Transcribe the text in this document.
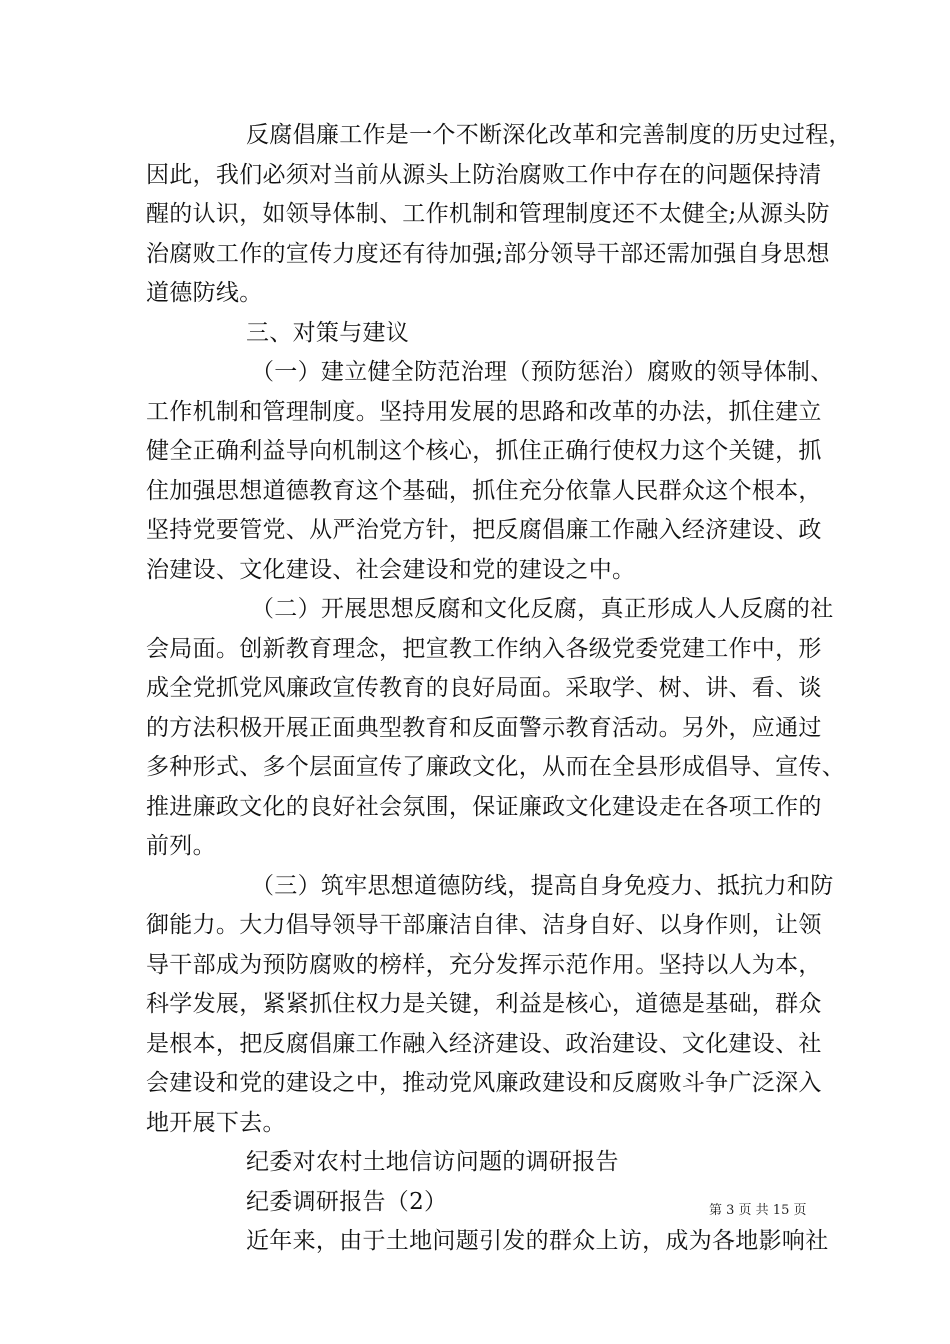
反腐倡廉工作是一个不断深化改革和完善制度的历史过程，
因此，我们必须对当前从源头上防治腐败工作中存在的问题保持清
醒的认识，如领导体制、工作机制和管理制度还不太健全;从源头防
治腐败工作的宣传力度还有待加强;部分领导干部还需加强自身思想
道德防线。
三、对策与建议
（一）建立健全防范治理（预防惩治）腐败的领导体制、
工作机制和管理制度。坚持用发展的思路和改革的办法，抓住建立
健全正确利益导向机制这个核心，抓住正确行使权力这个关键，抓
住加强思想道德教育这个基础，抓住充分依靠人民群众这个根本，
坚持党要管党、从严治党方针，把反腐倡廉工作融入经济建设、政
治建设、文化建设、社会建设和党的建设之中。
（二）开展思想反腐和文化反腐，真正形成人人反腐的社
会局面。创新教育理念，把宣教工作纳入各级党委党建工作中，形
成全党抓党风廉政宣传教育的良好局面。采取学、树、讲、看、谈
的方法积极开展正面典型教育和反面警示教育活动。另外，应通过
多种形式、多个层面宣传了廉政文化，从而在全县形成倡导、宣传、
推进廉政文化的良好社会氛围，保证廉政文化建设走在各项工作的
前列。
（三）筑牢思想道德防线，提高自身免疫力、抵抗力和防
御能力。大力倡导领导干部廉洁自律、洁身自好、以身作则，让领
导干部成为预防腐败的榜样，充分发挥示范作用。坚持以人为本，
科学发展，紧紧抓住权力是关键，利益是核心，道德是基础，群众
是根本，把反腐倡廉工作融入经济建设、政治建设、文化建设、社
会建设和党的建设之中，推动党风廉政建设和反腐败斗争广泛深入
地开展下去。
纪委对农村土地信访问题的调研报告
纪委调研报告（2）
近年来，由于土地问题引发的群众上访，成为各地影响社
第 3 页 共 15 页
